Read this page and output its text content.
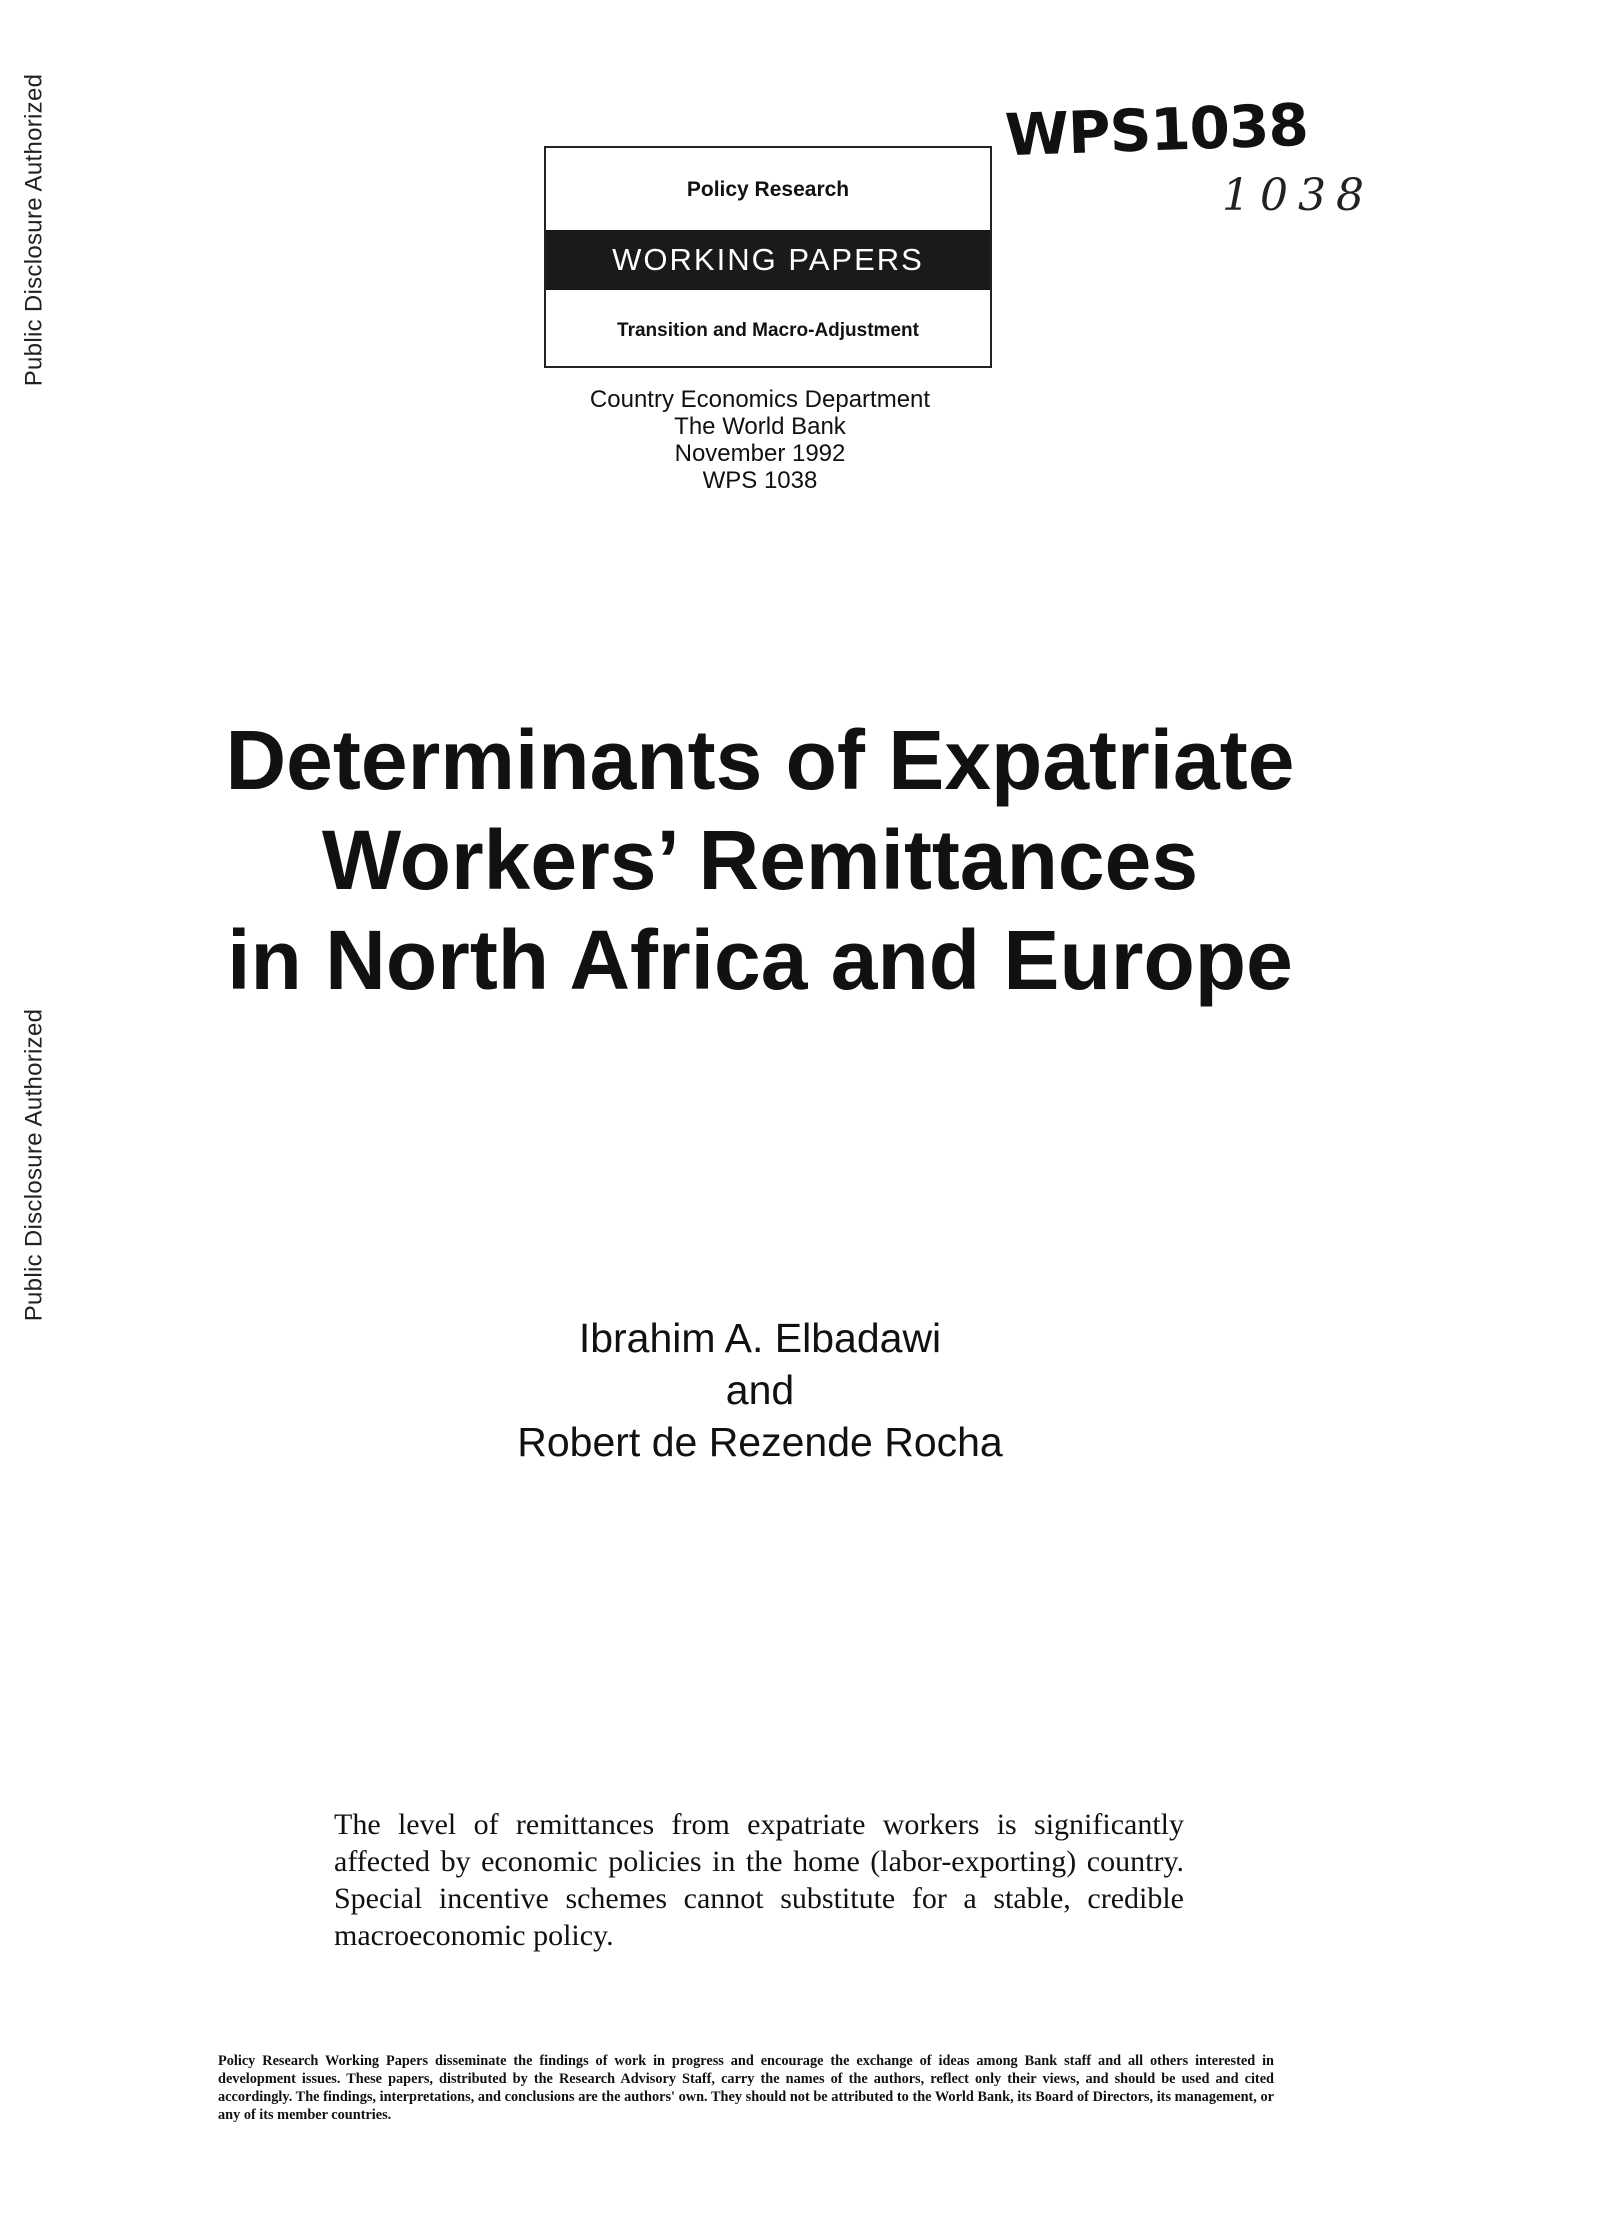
Public Disclosure Authorized
Public Disclosure Authorized
WPS1038
1038
Policy Research
WORKING PAPERS
Transition and Macro-Adjustment
Country Economics Department
The World Bank
November 1992
WPS 1038
Determinants of Expatriate
Workers’ Remittances
in North Africa and Europe
Ibrahim A. Elbadawi
and
Robert de Rezende Rocha
The level of remittances from expatriate workers is significantly affected by economic policies in the home (labor-exporting) country. Special incentive schemes cannot substitute for a stable, credible macroeconomic policy.
Policy Research Working Papers disseminate the findings of work in progress and encourage the exchange of ideas among Bank staff and all others interested in development issues. These papers, distributed by the Research Advisory Staff, carry the names of the authors, reflect only their views, and should be used and cited accordingly. The findings, interpretations, and conclusions are the authors' own. They should not be attributed to the World Bank, its Board of Directors, its management, or any of its member countries.
